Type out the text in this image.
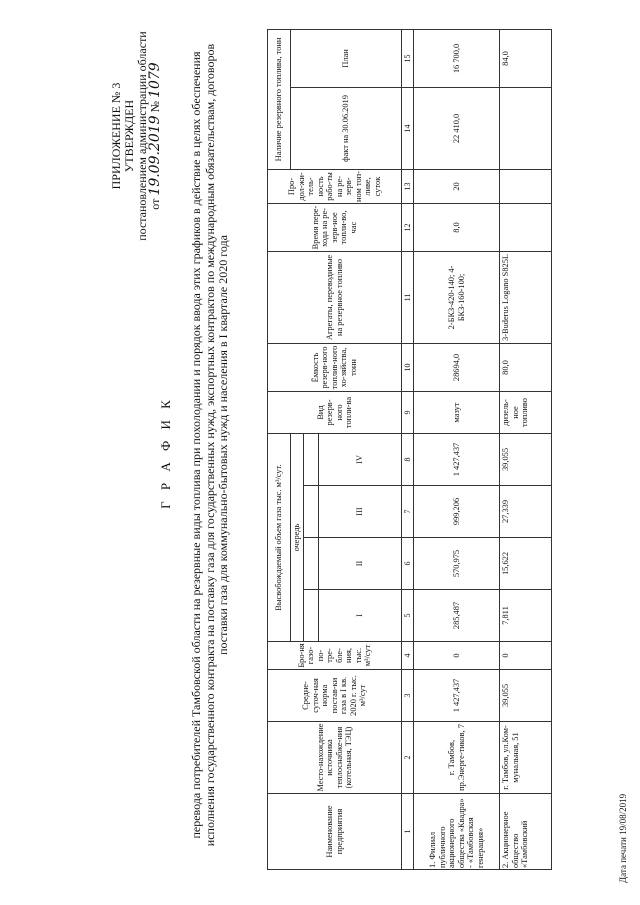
ПРИЛОЖЕНИЕ № 3 УТВЕРЖДЕН постановлением администрации области от 19.09.2019 № 1079
Г Р А Ф И К перевода потребителей Тамбовской области на резервные виды топлива при похолодании и порядок ввода этих графиков в действие в целях обеспечения исполнения государственного контракта на поставку газа для государственных нужд, экспортных контрактов по международным обязательствам, договоров поставки газа для коммунально-бытовых нужд и населения в I квартале 2020 года
Наименование предприятия	Место-нахождение источника теплоснабже-ния (котельная, ТЭЦ)	Средне-суточ-ная норма постав-ки газа в I кв. 2020 г. тыс. м³/сут	Бро-ня газо-по-тре-бле-ния, тыс. м³/сут	Высвобождаемый объем газа тыс. м³/сут.				Вид резерв-ного топли-ва	Ёмкость резерв-ного топлив-ного хо-зяйства, тонн	Агрегаты, переводимые на резервное топливо	Время пере-хода на ре-зерв-ное топли-во, час	Про-дол-жи-тель-ность рабо-ты на ре-зерв-ном топ-ливе, суток	Наличие резервного топлива, тонн	
				очередь									факт на 30.06.2019	План

				I	II	III	IV							
1	2	3	4	5	6	7	8	9	10	11	12	13	14	15
1. Филиал публичного акционерного общества «Квадра» - «Тамбовская генерация»	г. Тамбов, пр.Энерге-тиков, 7	1 427,437	0	285,487	570,975	999,206	1 427,437	мазут	28694,0	2-БКЗ-420-140; 4-БКЗ-160-100;	8,0	20	22 410,0	16 700,0
2. Акционерное общество «Тамбовский	г. Тамбов, ул.Ком-мунальная, 51	39,055	0	7,811	15,622	27,339	39,055	дизель-ное топливо	80,0	3-Buderus Logano S825L				84,0
Дата печати 19/08/2019
